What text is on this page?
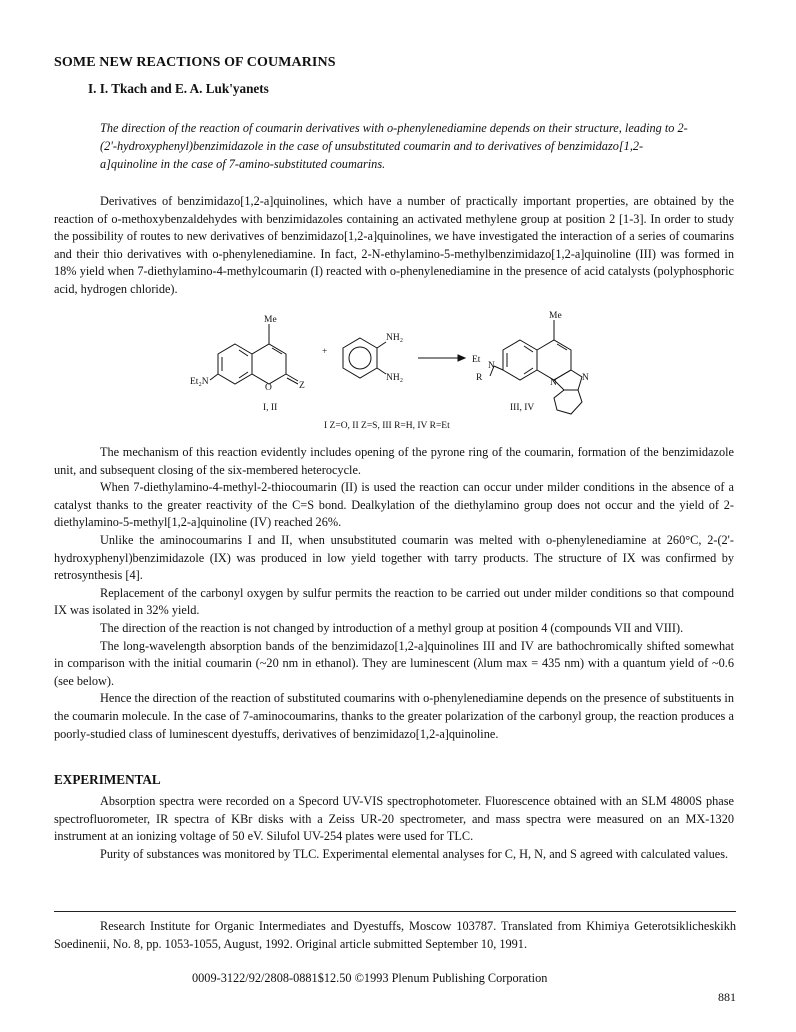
SOME NEW REACTIONS OF COUMARINS
I. I. Tkach and E. A. Luk'yanets
The direction of the reaction of coumarin derivatives with o-phenylenediamine depends on their structure, leading to 2-(2'-hydroxyphenyl)benzimidazole in the case of unsubstituted coumarin and to derivatives of benzimidazo[1,2-a]quinoline in the case of 7-amino-substituted coumarins.

Derivatives of benzimidazo[1,2-a]quinolines, which have a number of practically important properties, are obtained by the reaction of o-methoxybenzaldehydes with benzimidazoles containing an activated methylene group at position 2 [1-3]. In order to study the possibility of routes to new derivatives of benzimidazo[1,2-a]quinolines, we have investigated the interaction of a series of coumarins and their thio derivatives with o-phenylenediamine. In fact, 2-N-ethylamino-5-methylbenzimidazo[1,2-a]quinoline (III) was formed in 18% yield when 7-diethylamino-4-methylcoumarin (I) reacted with o-phenylenediamine in the presence of acid catalysts (polyphosphoric acid, hydrogen chloride).

Me
Et₂N
O	Z
+
NH₂
NH₂
Me
Et
N
R	N	N
I, II	III, IV
I Z=O, II Z=S, III R=H, IV R=Et

The mechanism of this reaction evidently includes opening of the pyrone ring of the coumarin, formation of the benzimidazole unit, and subsequent closing of the six-membered heterocycle.

When 7-diethylamino-4-methyl-2-thiocoumarin (II) is used the reaction can occur under milder conditions in the absence of a catalyst thanks to the greater reactivity of the C=S bond. Dealkylation of the diethylamino group does not occur and the yield of 2-diethylamino-5-methyl[1,2-a]quinoline (IV) reached 26%.

Unlike the aminocoumarins I and II, when unsubstituted coumarin was melted with o-phenylenediamine at 260°C, 2-(2'-hydroxyphenyl)benzimidazole (IX) was produced in low yield together with tarry products. The structure of IX was confirmed by retrosynthesis [4].

Replacement of the carbonyl oxygen by sulfur permits the reaction to be carried out under milder conditions so that compound IX was isolated in 32% yield.

The direction of the reaction is not changed by introduction of a methyl group at position 4 (compounds VII and VIII).

The long-wavelength absorption bands of the benzimidazo[1,2-a]quinolines III and IV are bathochromically shifted somewhat in comparison with the initial coumarin (~20 nm in ethanol). They are luminescent (λlum max = 435 nm) with a quantum yield of ~0.6 (see below).

Hence the direction of the reaction of substituted coumarins with o-phenylenediamine depends on the presence of substituents in the coumarin molecule. In the case of 7-aminocoumarins, thanks to the greater polarization of the carbonyl group, the reaction produces a poorly-studied class of luminescent dyestuffs, derivatives of benzimidazo[1,2-a]quinoline.

EXPERIMENTAL

Absorption spectra were recorded on a Specord UV-VIS spectrophotometer. Fluorescence obtained with an SLM 4800S phase spectrofluorometer, IR spectra of KBr disks with a Zeiss UR-20 spectrometer, and mass spectra were measured on an MX-1320 instrument at an ionizing voltage of 50 eV. Silufol UV-254 plates were used for TLC.

Purity of substances was monitored by TLC. Experimental elemental analyses for C, H, N, and S agreed with calculated values.

Research Institute for Organic Intermediates and Dyestuffs, Moscow 103787. Translated from Khimiya Geterotsiklicheskikh Soedinenii, No. 8, pp. 1053-1055, August, 1992. Original article submitted September 10, 1991.
0009-3122/92/2808-0881$12.50 ©1993 Plenum Publishing Corporation
881
